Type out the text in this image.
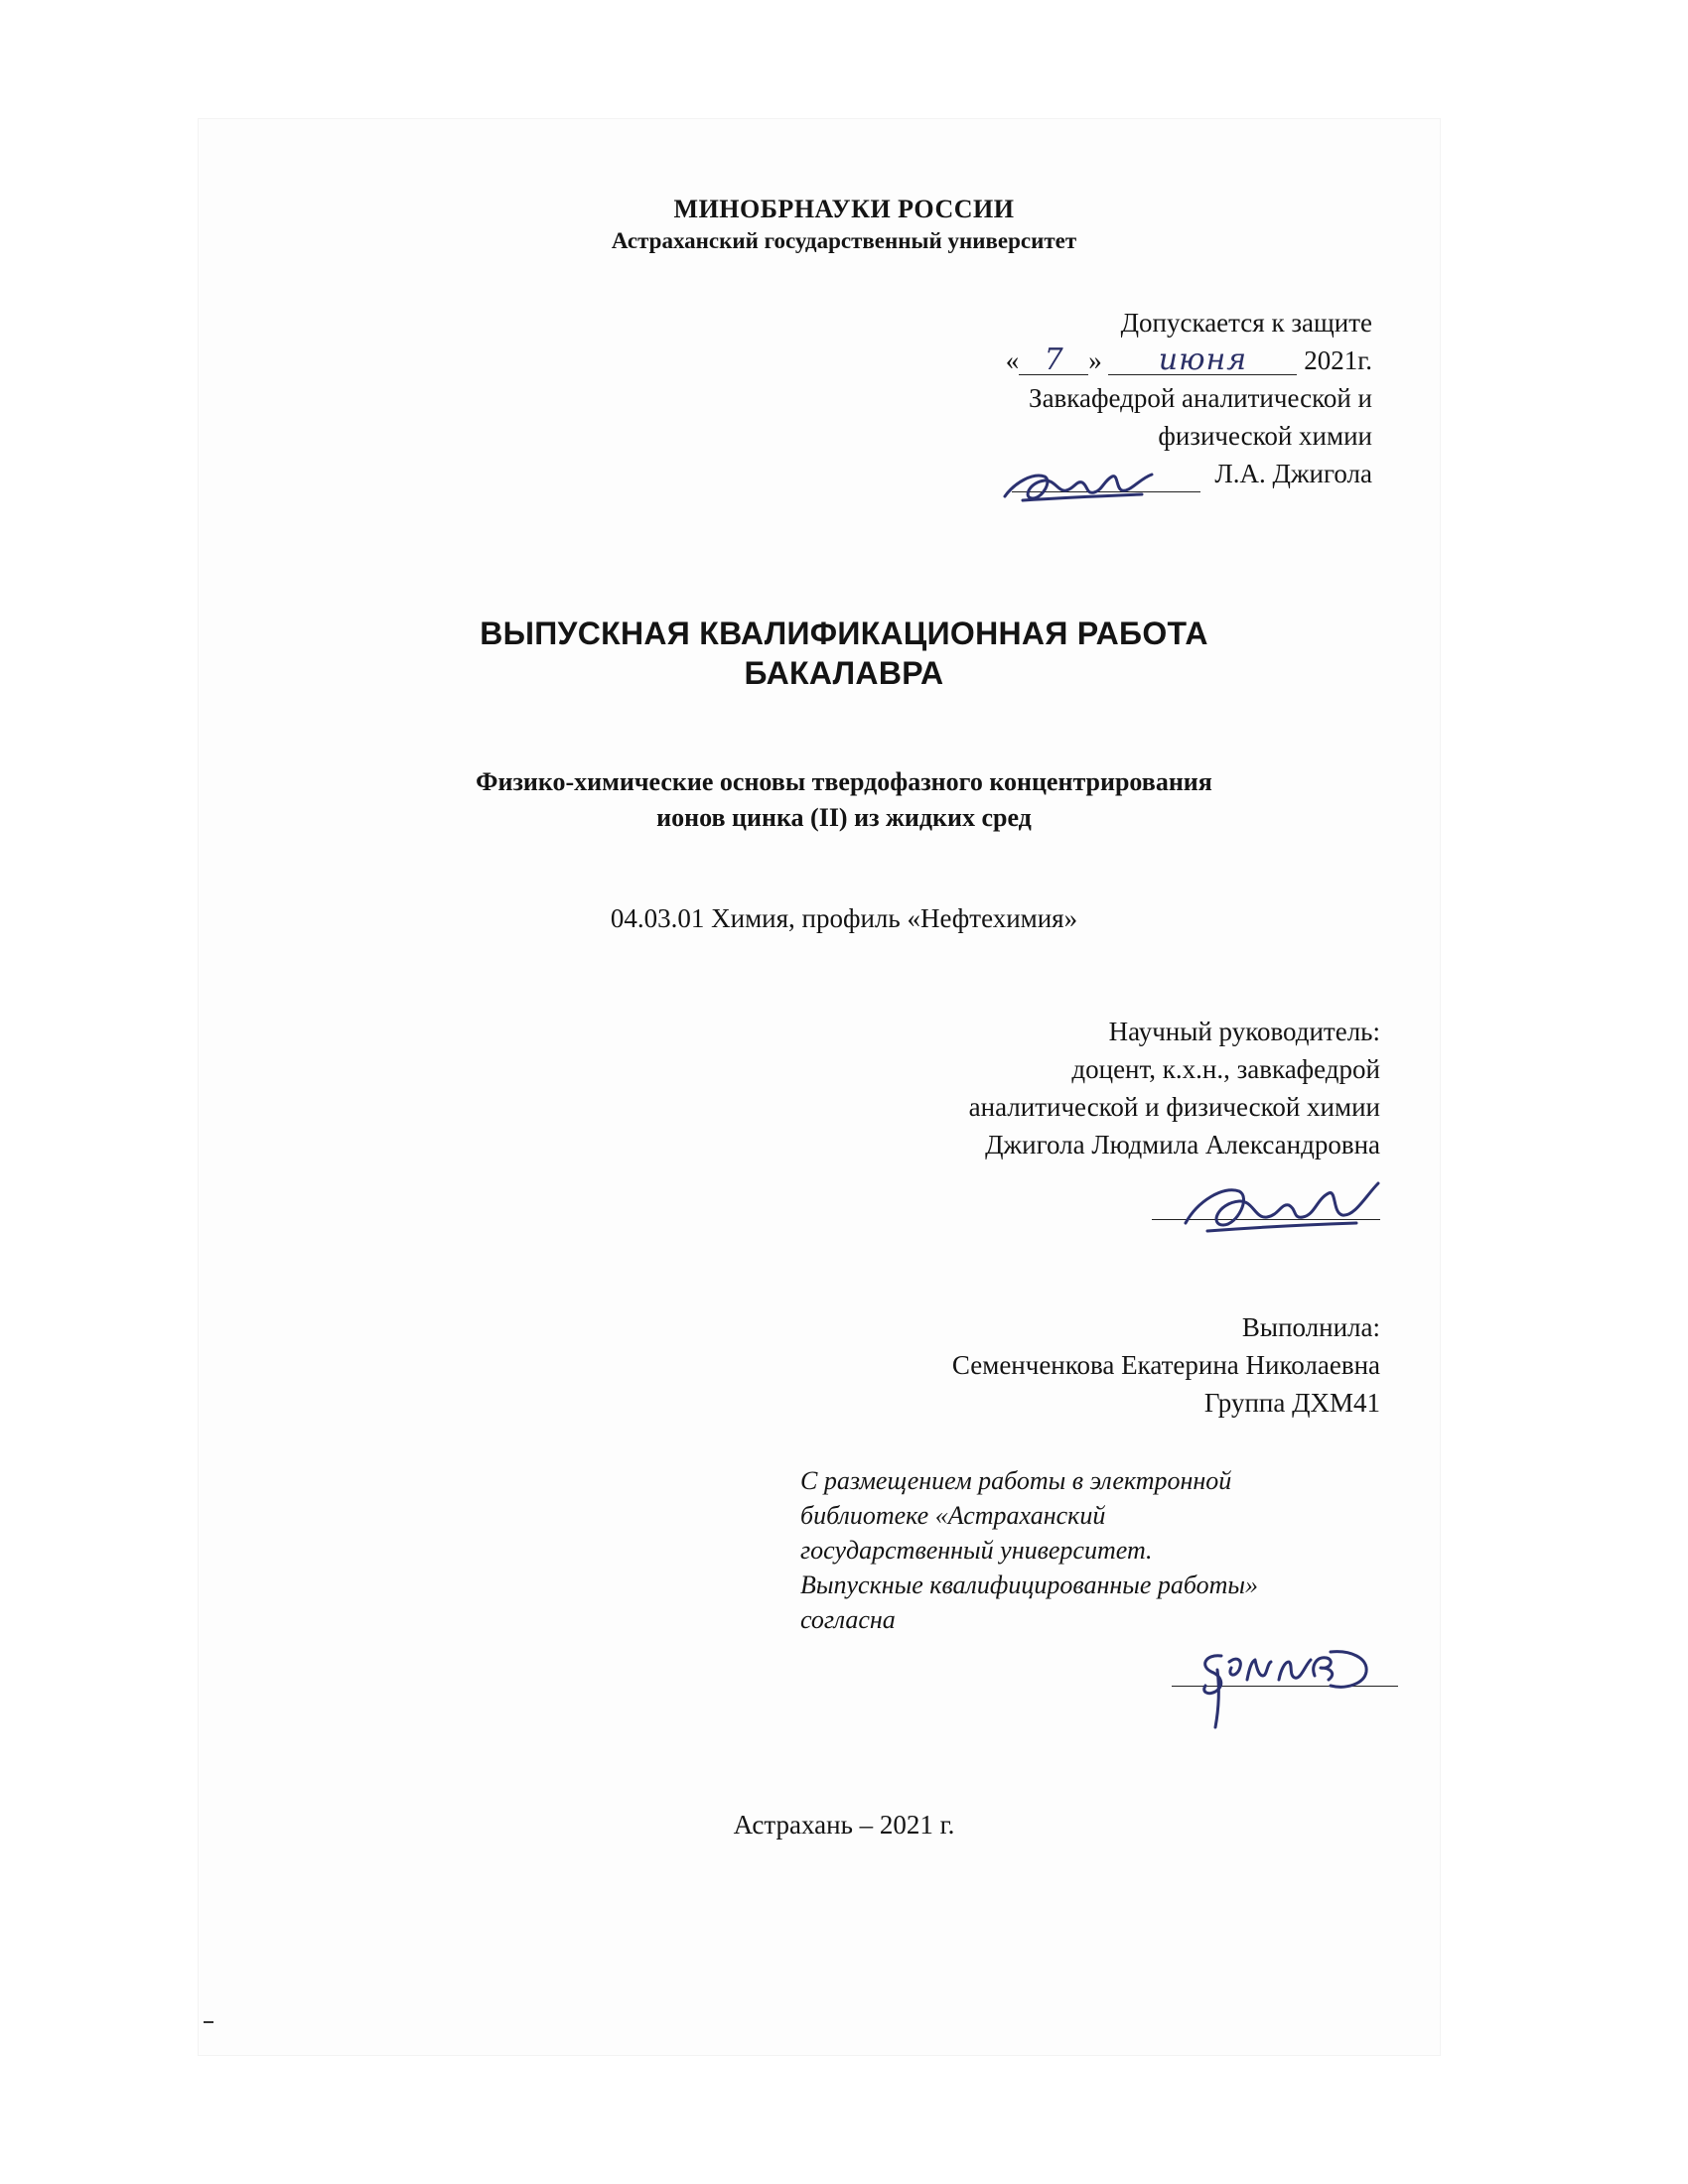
МИНОБРНАУКИ РОССИИ
Астраханский государственный университет
Допускается к защите
« 7 » июня 2021г.
Завкафедрой аналитической и
физической химии
Л.А. Джигола
ВЫПУСКНАЯ КВАЛИФИКАЦИОННАЯ РАБОТА
БАКАЛАВРА
Физико-химические основы твердофазного концентрирования
ионов цинка (II) из жидких сред
04.03.01 Химия, профиль «Нефтехимия»
Научный руководитель:
доцент, к.х.н., завкафедрой
аналитической и физической химии
Джигола Людмила Александровна
Выполнила:
Семенченкова Екатерина Николаевна
Группа ДХМ41
С размещением работы в электронной
библиотеке «Астраханский
государственный университет.
Выпускные квалифицированные работы»
согласна
Астрахань – 2021 г.
